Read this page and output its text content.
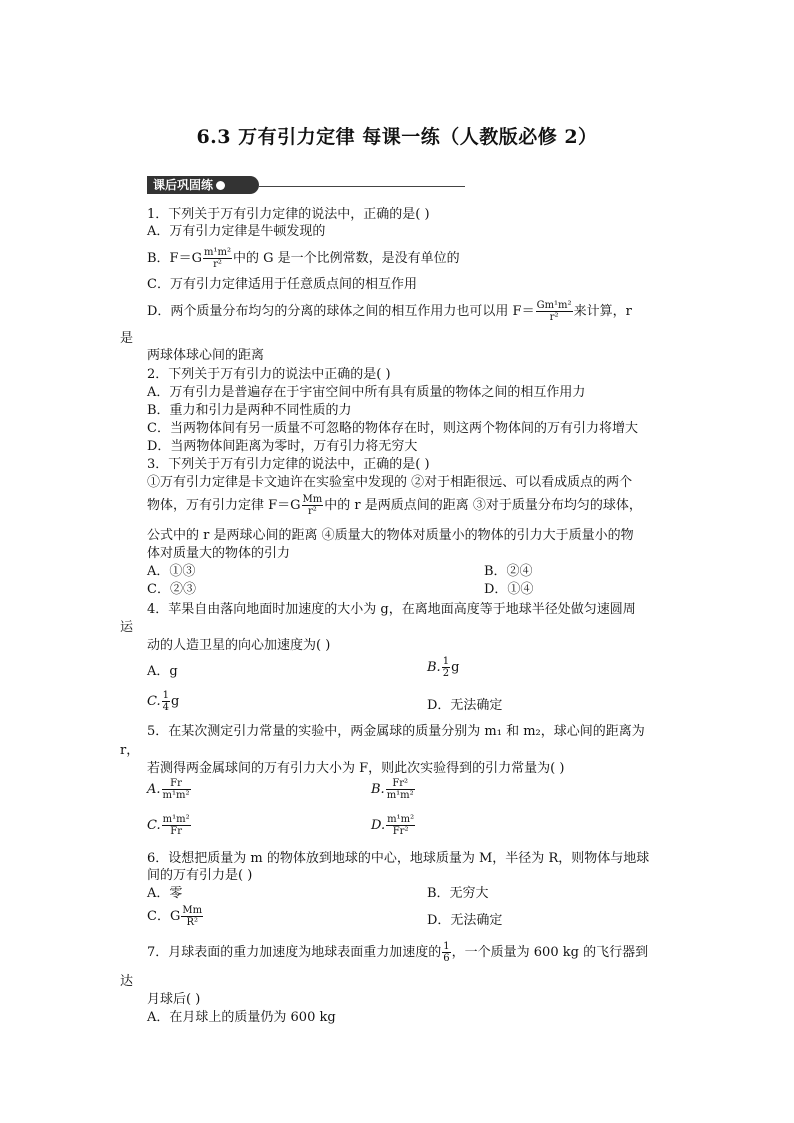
6.3 万有引力定律 每课一练（人教版必修 2）
课后巩固练
1．下列关于万有引力定律的说法中，正确的是( )
A．万有引力定律是牛顿发现的
B．$F=G \frac{\text{m¹m²}}{\text{r²}}$ 中的 G 是一个比例常数，是没有单位的
C．万有引力定律适用于任意质点间的相互作用
D．两个质量分布均匀的分离的球体之间的相互作用力也可以用 $F= \frac{\text{Gm¹m²}}{\text{r²}}$ 来计算，r
是
两球体球心间的距离
2．下列关于万有引力的说法中正确的是( )
A．万有引力是普遍存在于宇宙空间中所有具有质量的物体之间的相互作用力
B．重力和引力是两种不同性质的力
C．当两物体间有另一质量不可忽略的物体存在时，则这两个物体间的万有引力将增大
D．当两物体间距离为零时，万有引力将无穷大
3．下列关于万有引力定律的说法中，正确的是( )
①万有引力定律是卡文迪许在实验室中发现的 ②对于相距很远、可以看成质点的两个
物体，万有引力定律 $F=G \frac{Mm}{\text{r²}}$ 中的 r 是两质点间的距离 ③对于质量分布均匀的球体，
公式中的 r 是两球心间的距离 ④质量大的物体对质量小的物体的引力大于质量小的物
体对质量大的物体的引力
A．①③	B．②④
C．②③	D．①④
4．苹果自由落向地面时加速度的大小为 g，在离地面高度等于地球半径处做匀速圆周
运
动的人造卫星的向心加速度为( )
A．g	B. $\frac{1}{2}$ g
C. $\frac{1}{4}$ g	D．无法确定
5．在某次测定引力常量的实验中，两金属球的质量分别为 m₁ 和 m₂，球心间的距离为
r，
若测得两金属球间的万有引力大小为 F，则此次实验得到的引力常量为( )
A. $\frac{Fr}{\text{m¹m²}}$	B. $\frac{\text{Fr²}}{\text{m¹m²}}$
C. $\frac{\text{m¹m²}}{Fr}$	D. $\frac{\text{m¹m²}}{\text{Fr²}}$
6．设想把质量为 m 的物体放到地球的中心，地球质量为 M，半径为 R，则物体与地球
间的万有引力是( )
A．零	B．无穷大
C．G $\frac{Mm}{\text{R²}}$	D．无法确定
7．月球表面的重力加速度为地球表面重力加速度的 $\frac{1}{6}$ ，一个质量为 600 kg 的飞行器到
达
月球后( )
A．在月球上的质量仍为 600 kg
